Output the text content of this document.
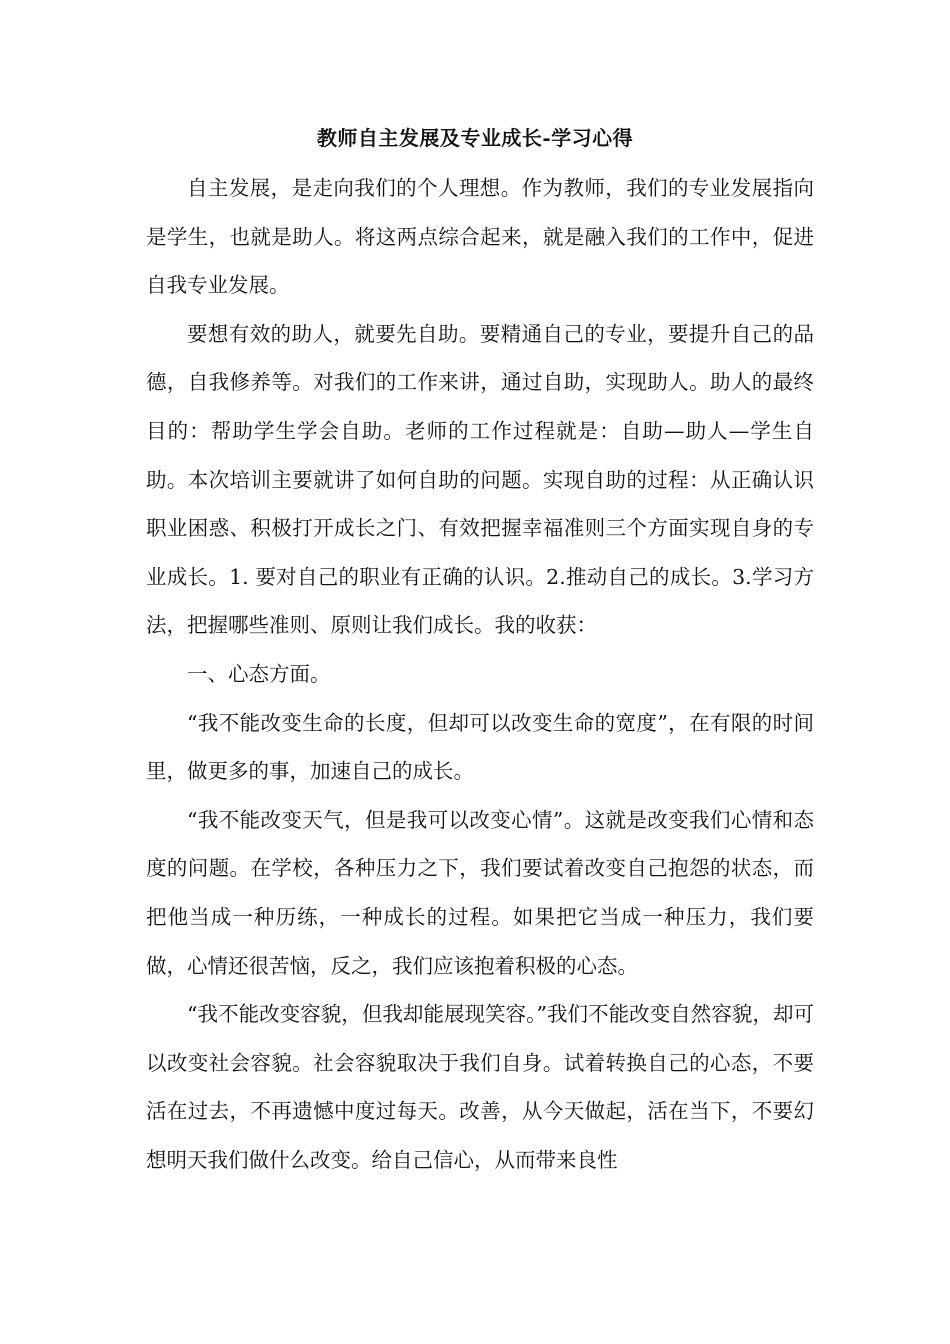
教师自主发展及专业成长-学习心得

自主发展，是走向我们的个人理想。作为教师，我们的专业发展指向是学生，也就是助人。将这两点综合起来，就是融入我们的工作中，促进自我专业发展。

要想有效的助人，就要先自助。要精通自己的专业，要提升自己的品德，自我修养等。对我们的工作来讲，通过自助，实现助人。助人的最终目的：帮助学生学会自助。老师的工作过程就是：自助—助人—学生自助。本次培训主要就讲了如何自助的问题。实现自助的过程：从正确认识职业困惑、积极打开成长之门、有效把握幸福准则三个方面实现自身的专业成长。1. 要对自己的职业有正确的认识。2.推动自己的成长。3.学习方法，把握哪些准则、原则让我们成长。我的收获：

一、心态方面。

“我不能改变生命的长度，但却可以改变生命的宽度”，在有限的时间里，做更多的事，加速自己的成长。

“我不能改变天气，但是我可以改变心情”。这就是改变我们心情和态度的问题。在学校，各种压力之下，我们要试着改变自己抱怨的状态，而把他当成一种历练，一种成长的过程。如果把它当成一种压力，我们要做，心情还很苦恼，反之，我们应该抱着积极的心态。

“我不能改变容貌，但我却能展现笑容。”我们不能改变自然容貌，却可以改变社会容貌。社会容貌取决于我们自身。试着转换自己的心态，不要活在过去，不再遗憾中度过每天。改善，从今天做起，活在当下，不要幻想明天我们做什么改变。给自己信心，从而带来良性
